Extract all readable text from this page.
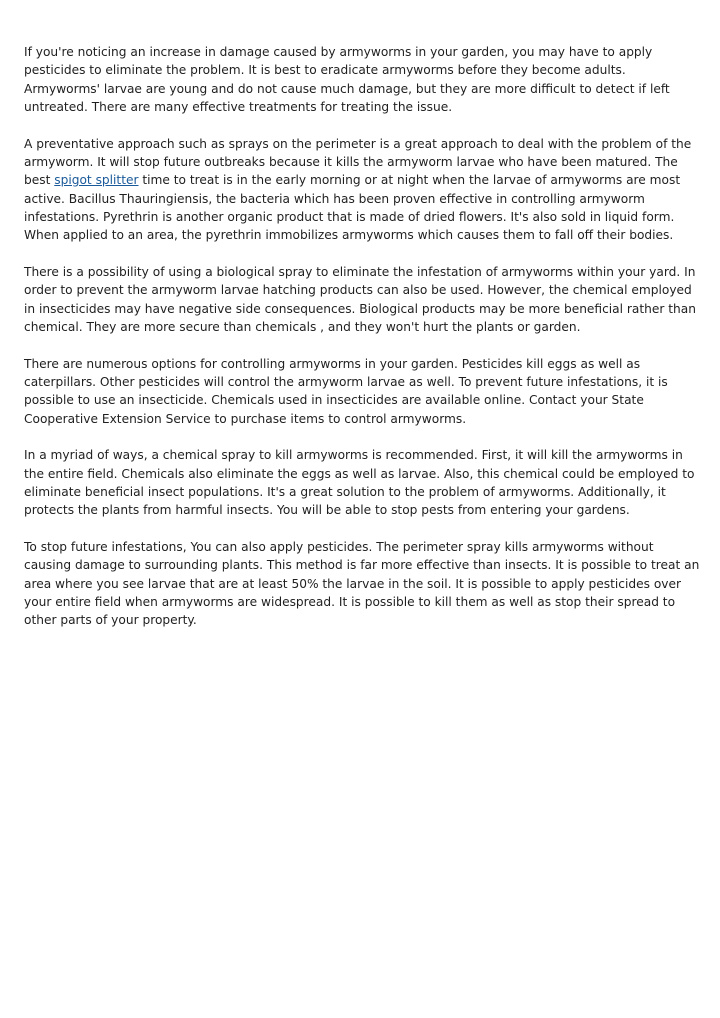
If you're noticing an increase in damage caused by armyworms in your garden, you may have to apply pesticides to eliminate the problem. It is best to eradicate armyworms before they become adults. Armyworms' larvae are young and do not cause much damage, but they are more difficult to detect if left untreated. There are many effective treatments for treating the issue.

A preventative approach such as sprays on the perimeter is a great approach to deal with the problem of the armyworm. It will stop future outbreaks because it kills the armyworm larvae who have been matured. The best spigot splitter time to treat is in the early morning or at night when the larvae of armyworms are most active. Bacillus Thauringiensis, the bacteria which has been proven effective in controlling armyworm infestations. Pyrethrin is another organic product that is made of dried flowers. It's also sold in liquid form. When applied to an area, the pyrethrin immobilizes armyworms which causes them to fall off their bodies.

There is a possibility of using a biological spray to eliminate the infestation of armyworms within your yard. In order to prevent the armyworm larvae hatching products can also be used. However, the chemical employed in insecticides may have negative side consequences. Biological products may be more beneficial rather than chemical. They are more secure than chemicals , and they won't hurt the plants or garden.

There are numerous options for controlling armyworms in your garden. Pesticides kill eggs as well as caterpillars. Other pesticides will control the armyworm larvae as well. To prevent future infestations, it is possible to use an insecticide. Chemicals used in insecticides are available online. Contact your State Cooperative Extension Service to purchase items to control armyworms.

In a myriad of ways, a chemical spray to kill armyworms is recommended. First, it will kill the armyworms in the entire field. Chemicals also eliminate the eggs as well as larvae. Also, this chemical could be employed to eliminate beneficial insect populations. It's a great solution to the problem of armyworms. Additionally, it protects the plants from harmful insects. You will be able to stop pests from entering your gardens.

To stop future infestations, You can also apply pesticides. The perimeter spray kills armyworms without causing damage to surrounding plants. This method is far more effective than insects. It is possible to treat an area where you see larvae that are at least 50% the larvae in the soil. It is possible to apply pesticides over your entire field when armyworms are widespread. It is possible to kill them as well as stop their spread to other parts of your property.
